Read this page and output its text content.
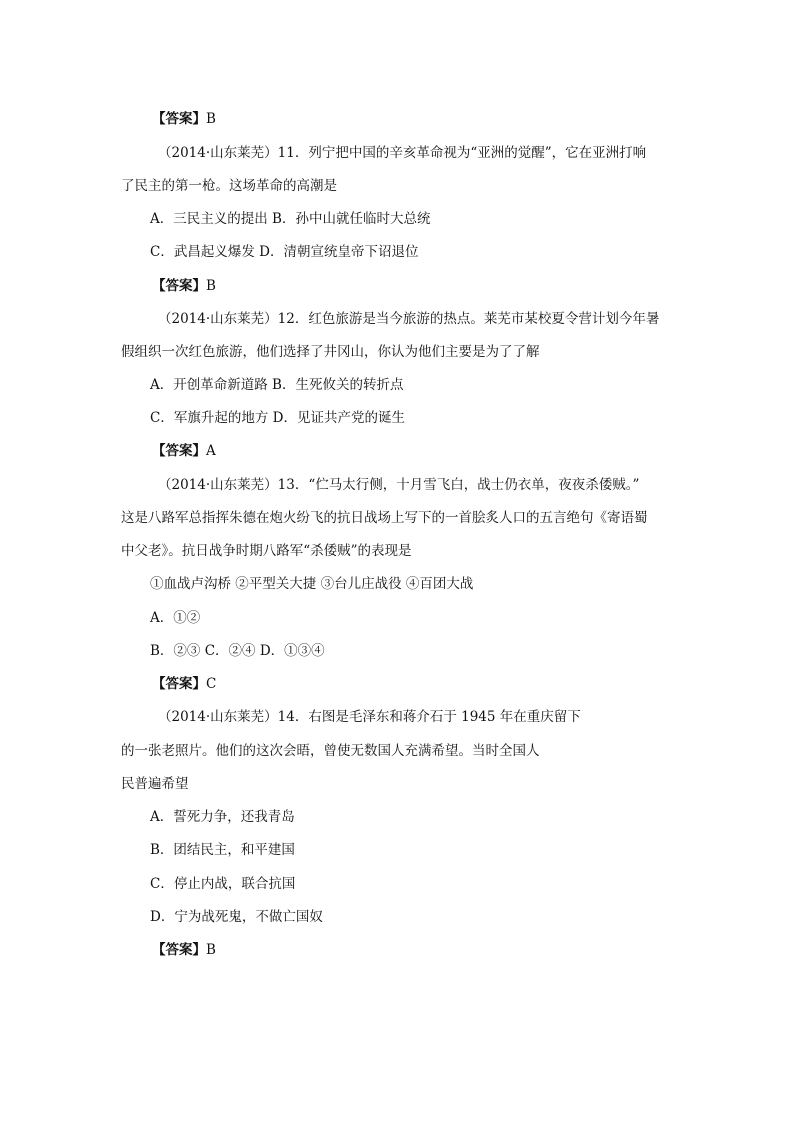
【答案】B
（2014·山东莱芜）11．列宁把中国的辛亥革命视为“亚洲的觉醒”，它在亚洲打响
了民主的第一枪。这场革命的高潮是
A．三民主义的提出 B．孙中山就任临时大总统
C．武昌起义爆发 D．清朝宣统皇帝下诏退位
【答案】B
（2014·山东莱芜）12．红色旅游是当今旅游的热点。莱芜市某校夏令营计划今年暑
假组织一次红色旅游，他们选择了井冈山，你认为他们主要是为了了解
A．开创革命新道路 B．生死攸关的转折点
C．军旗升起的地方 D．见证共产党的诞生
【答案】A
（2014·山东莱芜）13．“伫马太行侧，十月雪飞白，战士仍衣单，夜夜杀倭贼。”
这是八路军总指挥朱德在炮火纷飞的抗日战场上写下的一首脍炙人口的五言绝句《寄语蜀
中父老》。抗日战争时期八路军“杀倭贼”的表现是
①血战卢沟桥 ②平型关大捷 ③台儿庄战役 ④百团大战
A．①②
B．②③ C．②④ D．①③④
【答案】C
（2014·山东莱芜）14．右图是毛泽东和蒋介石于 1945 年在重庆留下
的一张老照片。他们的这次会晤，曾使无数国人充满希望。当时全国人
民普遍希望
A．誓死力争，还我青岛
B．团结民主，和平建国
C．停止内战，联合抗国
D．宁为战死鬼，不做亡国奴
【答案】B
